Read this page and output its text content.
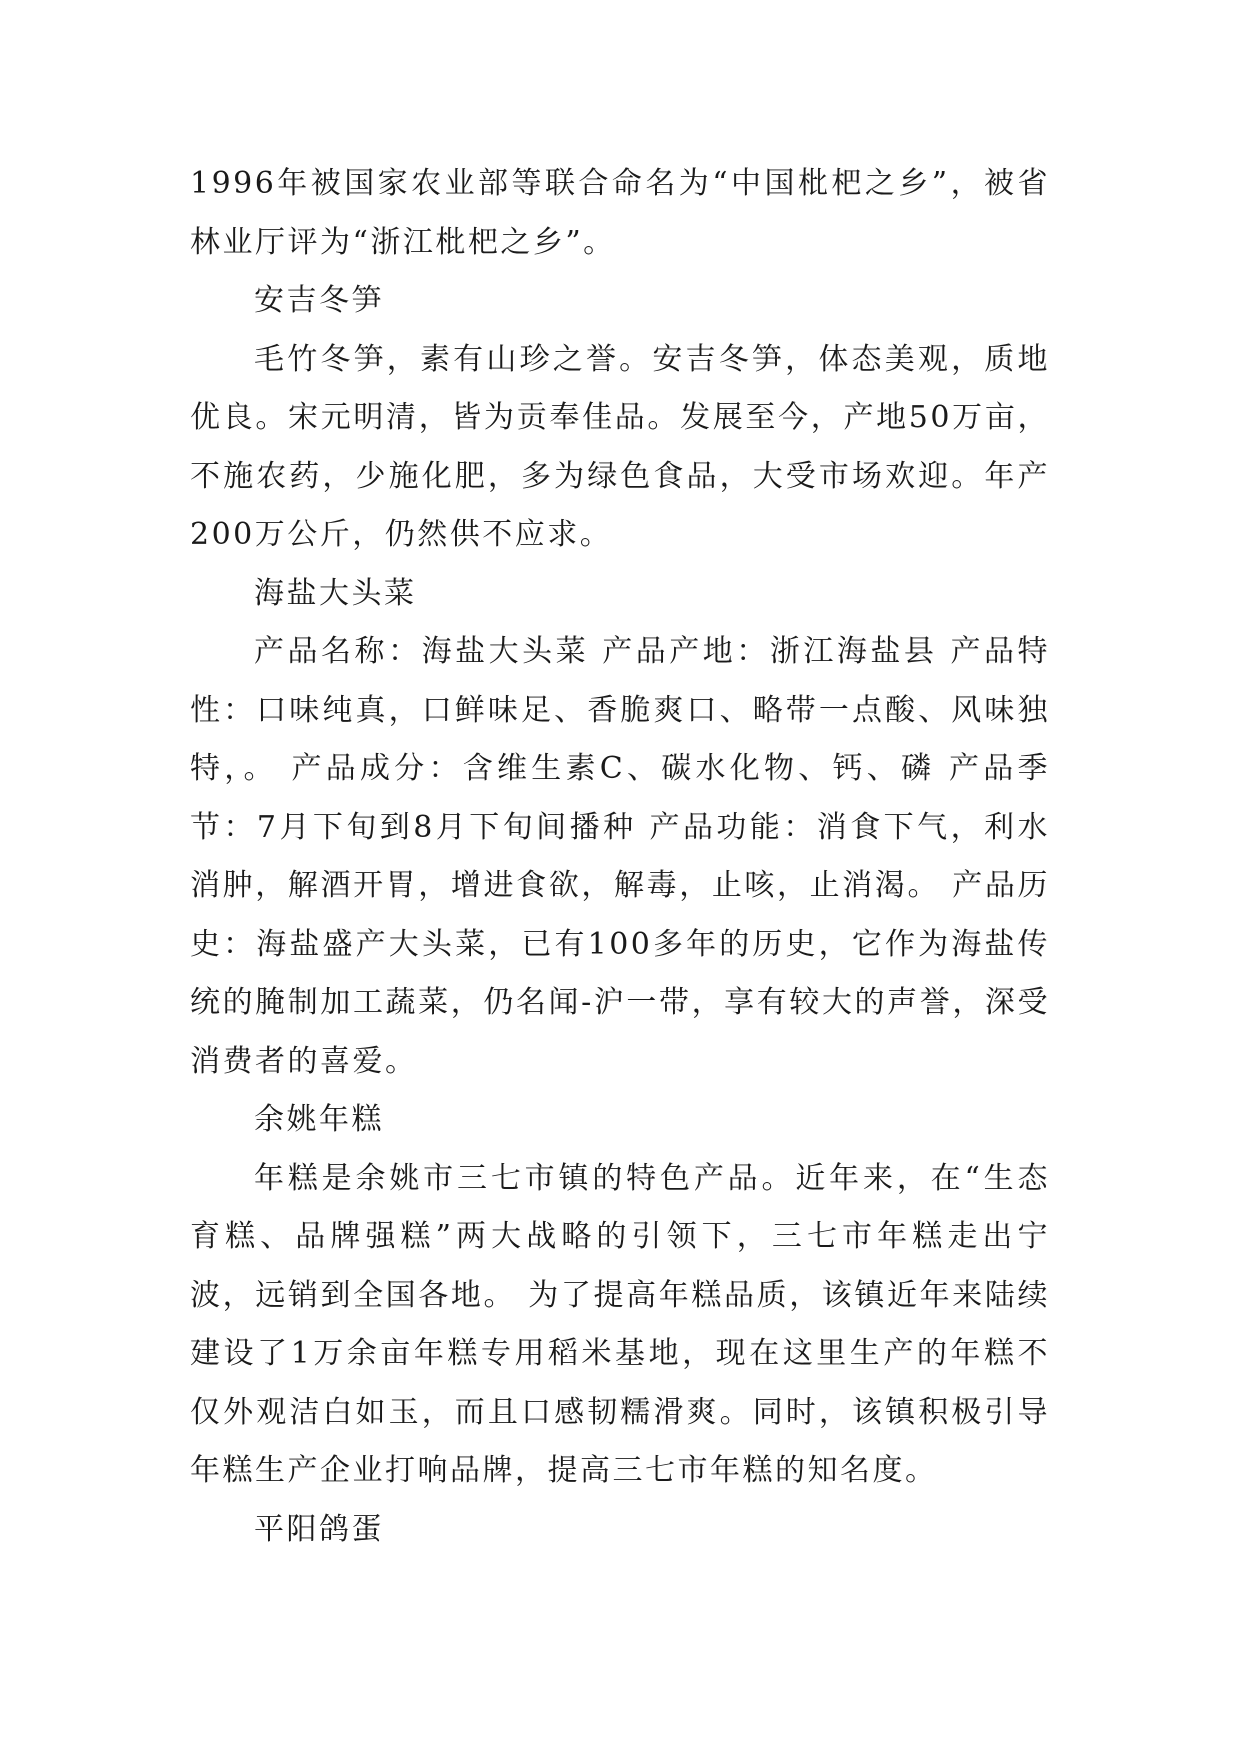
1996年被国家农业部等联合命名为“中国枇杷之乡”，被省林业厅评为“浙江枇杷之乡”。

安吉冬笋

毛竹冬笋，素有山珍之誉。安吉冬笋，体态美观，质地优良。宋元明清，皆为贡奉佳品。发展至今，产地50万亩，不施农药，少施化肥，多为绿色食品，大受市场欢迎。年产200万公斤，仍然供不应求。

海盐大头菜

产品名称：海盐大头菜 产品产地：浙江海盐县 产品特性：口味纯真，口鲜味足、香脆爽口、略带一点酸、风味独特，。 产品成分：含维生素C、碳水化物、钙、磷 产品季节：7月下旬到8月下旬间播种 产品功能：消食下气，利水消肿，解酒开胃，增进食欲，解毒，止咳，止消渴。 产品历史：海盐盛产大头菜，已有100多年的历史，它作为海盐传统的腌制加工蔬菜，仍名闻-沪一带，享有较大的声誉，深受消费者的喜爱。

余姚年糕

年糕是余姚市三七市镇的特色产品。近年来，在“生态育糕、品牌强糕”两大战略的引领下，三七市年糕走出宁波，远销到全国各地。 为了提高年糕品质，该镇近年来陆续建设了1万余亩年糕专用稻米基地，现在这里生产的年糕不仅外观洁白如玉，而且口感韧糯滑爽。同时，该镇积极引导年糕生产企业打响品牌，提高三七市年糕的知名度。

平阳鸽蛋
